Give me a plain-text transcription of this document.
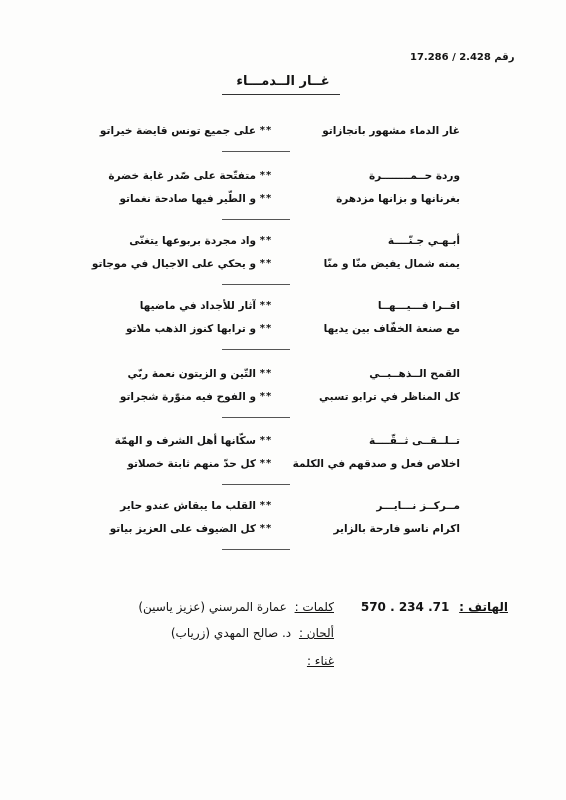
رقم 2.428 / 17.286
غــار الــدمـــاء
غار الدماء مشهور بانجازاتو
**
على جميع تونس قايضة خيراتو
وردة حــمــــــــرة
**
متفتّحة على صّدر غابة خضرة
بغرنانها و بزانها مزدهرة
**
و الطّير فيها صادحة نغماتو
أبـهـي جـنّــــة
**
واد مجردة بربوعها يتغنّى
يمنه شمال يفيض منّا و منّا
**
و يحكي على الاجيال في موجاتو
اقــرا فـــيـــهــا
**
آثار للأجداد في ماضيها
مع صنعة الخفّاف بين يديها
**
و ترابها كنوز الذهب ملاتو
القمح الــذهــبــي
**
التّين و الزيتون نعمة ربّي
كل المناظر في ترابو تسبي
**
و الفوح فيه منوّرة شجراتو
تــلــقــى ثــقّــــة
**
سكّانها أهل الشرف و الهمّة
اخلاص فعل و صدقهم في الكلمة
**
كل حدّ منهم ثابتة خصلاتو
مــركــز نـــايـــر
**
القلب ما يبقاش عندو حاير
اكرام ناسو فارحة بالزاير
**
كل الضيوف على العزيز بياتو
الهاتف : 71. 234 . 570
كلمات : عمارة المرسني (عزيز ياسين)
ألحان : د. صالح المهدي (زرياب)
غناء :
